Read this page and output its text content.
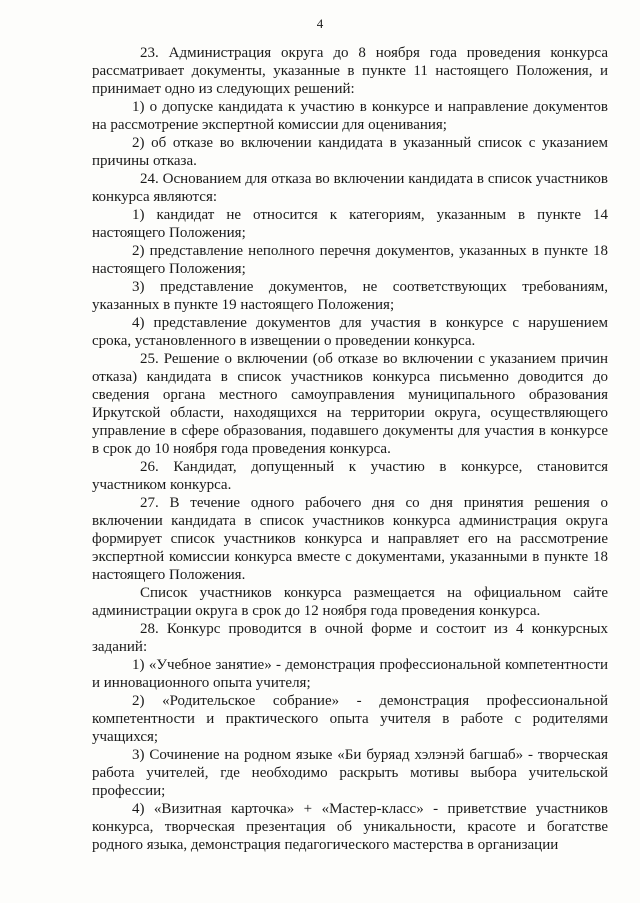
4

23. Администрация округа до 8 ноября года проведения конкурса рассматривает документы, указанные в пункте 11 настоящего Положения, и принимает одно из следующих решений:

1) о допуске кандидата к участию в конкурсе и направление документов на рассмотрение экспертной комиссии для оценивания;

2) об отказе во включении кандидата в указанный список с указанием причины отказа.

24. Основанием для отказа во включении кандидата в список участников конкурса являются:

1) кандидат не относится к категориям, указанным в пункте 14 настоящего Положения;

2) представление неполного перечня документов, указанных в пункте 18 настоящего Положения;

3) представление документов, не соответствующих требованиям, указанных в пункте 19 настоящего Положения;

4) представление документов для участия в конкурсе с нарушением срока, установленного в извещении о проведении конкурса.

25. Решение о включении (об отказе во включении с указанием причин отказа) кандидата в список участников конкурса письменно доводится до сведения органа местного самоуправления муниципального образования Иркутской области, находящихся на территории округа, осуществляющего управление в сфере образования, подавшего документы для участия в конкурсе в срок до 10 ноября года проведения конкурса.

26. Кандидат, допущенный к участию в конкурсе, становится участником конкурса.

27. В течение одного рабочего дня со дня принятия решения о включении кандидата в список участников конкурса администрация округа формирует список участников конкурса и направляет его на рассмотрение экспертной комиссии конкурса вместе с документами, указанными в пункте 18 настоящего Положения.

Список участников конкурса размещается на официальном сайте администрации округа в срок до 12 ноября года проведения конкурса.

28. Конкурс проводится в очной форме и состоит из 4 конкурсных заданий:

1) «Учебное занятие» - демонстрация профессиональной компетентности и инновационного опыта учителя;

2) «Родительское собрание» - демонстрация профессиональной компетентности и практического опыта учителя в работе с родителями учащихся;

3) Сочинение на родном языке «Би буряад хэлэнэй багшаб» - творческая работа учителей, где необходимо раскрыть мотивы выбора учительской профессии;

4) «Визитная карточка» + «Мастер-класс» - приветствие участников конкурса, творческая презентация об уникальности, красоте и богатстве родного языка, демонстрация педагогического мастерства в организации
